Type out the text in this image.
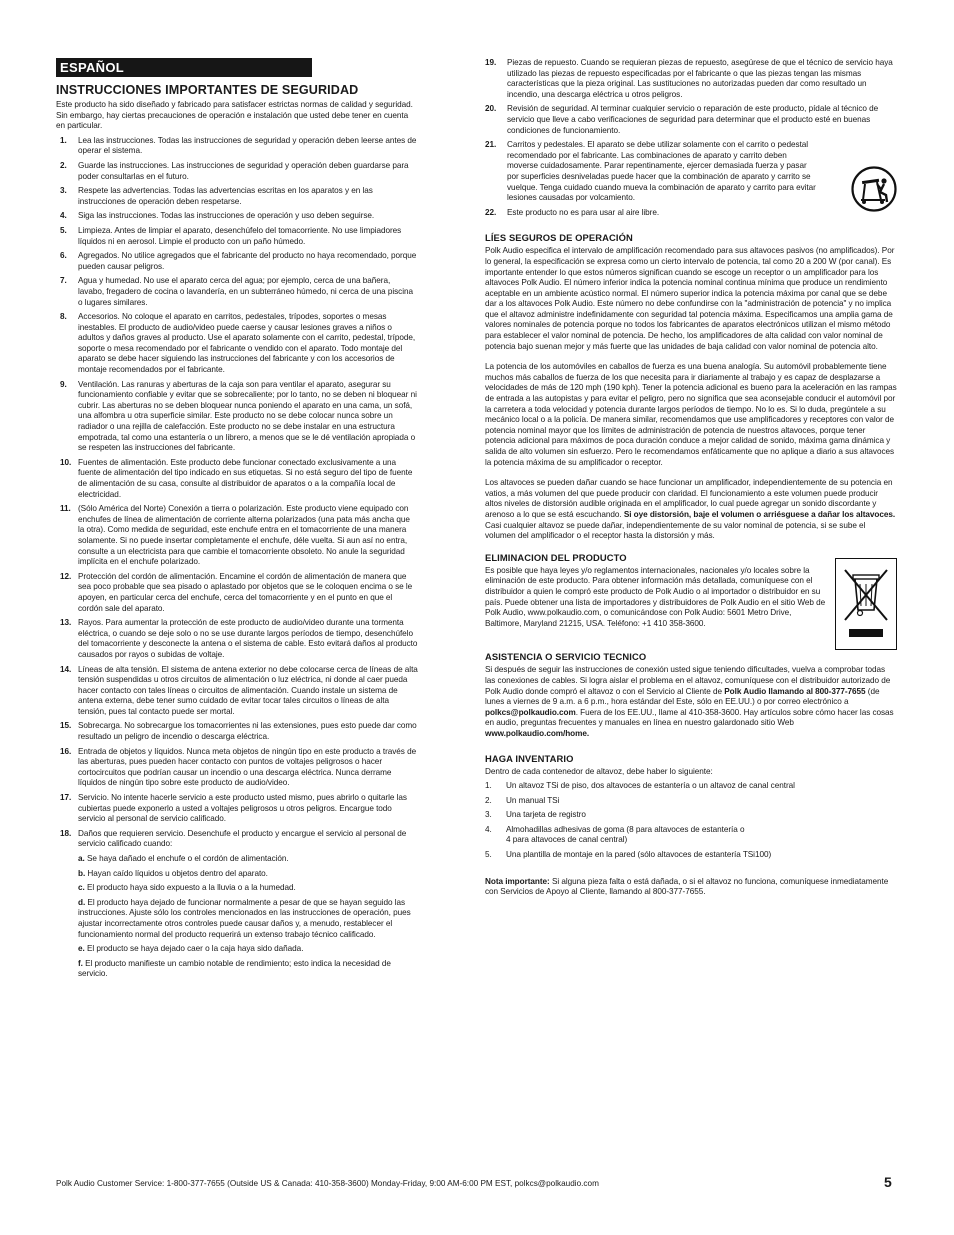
ESPAÑOL
INSTRUCCIONES IMPORTANTES DE SEGURIDAD

Este producto ha sido diseñado y fabricado para satisfacer estrictas normas de calidad y seguridad. Sin embargo, hay ciertas precauciones de operación e instalación que usted debe tener en cuenta en particular.

1. Lea las instrucciones. Todas las instrucciones de seguridad y operación deben leerse antes de operar el sistema.
2. Guarde las instrucciones. Las instrucciones de seguridad y operación deben guardarse para poder consultarlas en el futuro.
3. Respete las advertencias. Todas las advertencias escritas en los aparatos y en las instrucciones de operación deben respetarse.
4. Siga las instrucciones. Todas las instrucciones de operación y uso deben seguirse.
5. Limpieza. Antes de limpiar el aparato, desenchúfelo del tomacorriente. No use limpiadores líquidos ni en aerosol. Limpie el producto con un paño húmedo.
6. Agregados. No utilice agregados que el fabricante del producto no haya recomendado, porque pueden causar peligros.
7. Agua y humedad. No use el aparato cerca del agua; por ejemplo, cerca de una bañera, lavabo, fregadero de cocina o lavandería, en un subterráneo húmedo, ni cerca de una piscina o lugares similares.
8. Accesorios. No coloque el aparato en carritos, pedestales, trípodes, soportes o mesas inestables. El producto de audio/video puede caerse y causar lesiones graves a niños o adultos y daños graves al producto. Use el aparato solamente con el carrito, pedestal, trípode, soporte o mesa recomendado por el fabricante o vendido con el aparato. Todo montaje del aparato se debe hacer siguiendo las instrucciones del fabricante y con los accesorios de montaje recomendados por el fabricante.
9. Ventilación. Las ranuras y aberturas de la caja son para ventilar el aparato, asegurar su funcionamiento confiable y evitar que se sobrecaliente; por lo tanto, no se deben ni bloquear ni cubrir. Las aberturas no se deben bloquear nunca poniendo el aparato en una cama, un sofá, una alfombra u otra superficie similar. Este producto no se debe colocar nunca sobre un radiador o una rejilla de calefacción. Este producto no se debe instalar en una estructura empotrada, tal como una estantería o un librero, a menos que se le dé ventilación apropiada o se respeten las instrucciones del fabricante.
10. Fuentes de alimentación. Este producto debe funcionar conectado exclusivamente a una fuente de alimentación del tipo indicado en sus etiquetas. Si no está seguro del tipo de fuente de alimentación de su casa, consulte al distribuidor de aparatos o a la compañía local de electricidad.
11. (Sólo América del Norte) Conexión a tierra o polarización. Este producto viene equipado con enchufes de línea de alimentación de corriente alterna polarizados (una pata más ancha que la otra). Como medida de seguridad, este enchufe entra en el tomacorriente de una manera solamente. Si no puede insertar completamente el enchufe, déle vuelta. Si aun así no entra, consulte a un electricista para que cambie el tomacorriente obsoleto. No anule la seguridad implícita en el enchufe polarizado.
12. Protección del cordón de alimentación. Encamine el cordón de alimentación de manera que sea poco probable que sea pisado o aplastado por objetos que se le coloquen encima o se le apoyen, en particular cerca del enchufe, cerca del tomacorriente y en el punto en que el cordón sale del aparato.
13. Rayos. Para aumentar la protección de este producto de audio/video durante una tormenta eléctrica, o cuando se deje solo o no se use durante largos períodos de tiempo, desenchúfelo del tomacorriente y desconecte la antena o el sistema de cable. Esto evitará daños al producto causados por rayos o subidas de voltaje.
14. Líneas de alta tensión. El sistema de antena exterior no debe colocarse cerca de líneas de alta tensión suspendidas u otros circuitos de alimentación o luz eléctrica, ni donde al caer pueda hacer contacto con tales líneas o circuitos de alimentación. Cuando instale un sistema de antena externa, debe tener sumo cuidado de evitar tocar tales circuitos o líneas de alta tensión, pues tal contacto puede ser mortal.
15. Sobrecarga. No sobrecargue los tomacorrientes ni las extensiones, pues esto puede dar como resultado un peligro de incendio o descarga eléctrica.
16. Entrada de objetos y líquidos. Nunca meta objetos de ningún tipo en este producto a través de las aberturas, pues pueden hacer contacto con puntos de voltajes peligrosos o hacer cortocircuitos que podrían causar un incendio o una descarga eléctrica. Nunca derrame líquidos de ningún tipo sobre este producto de audio/video.
17. Servicio. No intente hacerle servicio a este producto usted mismo, pues abrirlo o quitarle las cubiertas puede exponerlo a usted a voltajes peligrosos u otros peligros. Encargue todo servicio al personal de servicio calificado.
18. Daños que requieren servicio. Desenchufe el producto y encargue el servicio al personal de servicio calificado cuando:
a. Se haya dañado el enchufe o el cordón de alimentación.
b. Hayan caído líquidos u objetos dentro del aparato.
c. El producto haya sido expuesto a la lluvia o a la humedad.
d. El producto haya dejado de funcionar normalmente a pesar de que se hayan seguido las instrucciones. Ajuste sólo los controles mencionados en las instrucciones de operación, pues ajustar incorrectamente otros controles puede causar daños y, a menudo, restablecer el funcionamiento normal del producto requerirá un extenso trabajo técnico calificado.
e. El producto se haya dejado caer o la caja haya sido dañada.
f. El producto manifieste un cambio notable de rendimiento; esto indica la necesidad de servicio.
19. Piezas de repuesto. Cuando se requieran piezas de repuesto, asegúrese de que el técnico de servicio haya utilizado las piezas de repuesto especificadas por el fabricante o que las piezas tengan las mismas características que la pieza original. Las sustituciones no autorizadas pueden dar como resultado un incendio, una descarga eléctrica u otros peligros.
20. Revisión de seguridad. Al terminar cualquier servicio o reparación de este producto, pídale al técnico de servicio que lleve a cabo verificaciones de seguridad para determinar que el producto esté en buenas condiciones de funcionamiento.
21. Carritos y pedestales. El aparato se debe utilizar solamente con el carrito o pedestal recomendado por el fabricante. Las combinaciones de aparato y carrito deben moverse cuidadosamente. Parar repentinamente, ejercer demasiada fuerza y pasar por superficies desniveladas puede hacer que la combinación de aparato y carrito se vuelque. Tenga cuidado cuando mueva la combinación de aparato y carrito para evitar lesiones causadas por volcamiento.
22. Este producto no es para usar al aire libre.
LÍES SEGUROS DE OPERACIÓN

Polk Audio especifica el intervalo de amplificación recomendado para sus altavoces pasivos (no amplificados). Por lo general, la especificación se expresa como un cierto intervalo de potencia, tal como 20 a 200 W (por canal). Es importante entender lo que estos números significan cuando se escoge un receptor o un amplificador para los altavoces Polk Audio. El número inferior indica la potencia nominal continua mínima que produce un rendimiento aceptable en un ambiente acústico normal. El número superior indica la potencia máxima por canal que se debe dar a los altavoces Polk Audio. Este número no debe confundirse con la "administración de potencia" y no implica que el altavoz administre indefinidamente con seguridad tal potencia máxima. Especificamos una amplia gama de valores nominales de potencia porque no todos los fabricantes de aparatos electrónicos utilizan el mismo método para establecer el valor nominal de potencia. De hecho, los amplificadores de alta calidad con valor nominal de potencia bajo suenan mejor y más fuerte que las unidades de baja calidad con valor nominal de potencia alto.

La potencia de los automóviles en caballos de fuerza es una buena analogía. Su automóvil probablemente tiene muchos más caballos de fuerza de los que necesita para ir diariamente al trabajo y es capaz de desplazarse a velocidades de más de 120 mph (190 kph). Tener la potencia adicional es bueno para la aceleración en las rampas de entrada a las autopistas y para evitar el peligro, pero no significa que sea aconsejable conducir el automóvil por la carretera a toda velocidad y potencia durante largos períodos de tiempo. No lo es. Si lo duda, pregúntele a su mecánico local o a la policía. De manera similar, recomendamos que use amplificadores y receptores con valor de potencia nominal mayor que los límites de administración de potencia de nuestros altavoces, porque tener potencia adicional para máximos de poca duración conduce a mejor calidad de sonido, máxima gama dinámica y salida de alto volumen sin esfuerzo. Pero le recomendamos enfáticamente que no aplique a diario a sus altavoces la potencia máxima de su amplificador o receptor.

Los altavoces se pueden dañar cuando se hace funcionar un amplificador, independientemente de su potencia en vatios, a más volumen del que puede producir con claridad. El funcionamiento a este volumen puede producir altos niveles de distorsión audible originada en el amplificador, lo cual puede agregar un sonido discordante y arenoso a lo que se está escuchando. Si oye distorsión, baje el volumen o arriésguese a dañar los altavoces. Casi cualquier altavoz se puede dañar, independientemente de su valor nominal de potencia, si se sube el volumen del amplificador o el receptor hasta la distorsión y más.

ELIMINACION DEL PRODUCTO

Es posible que haya leyes y/o reglamentos internacionales, nacionales y/o locales sobre la eliminación de este producto. Para obtener información más detallada, comuníquese con el distribuidor a quien le compró este producto de Polk Audio o al importador o distribuidor en su país. Puede obtener una lista de importadores y distribuidores de Polk Audio en el sitio Web de Polk Audio, www.polkaudio.com, o comunicándose con Polk Audio: 5601 Metro Drive, Baltimore, Maryland 21215, USA. Teléfono: +1 410 358-3600.

ASISTENCIA O SERVICIO TECNICO

Si después de seguir las instrucciones de conexión usted sigue teniendo dificultades, vuelva a comprobar todas las conexiones de cables. Si logra aislar el problema en el altavoz, comuníquese con el distribuidor autorizado de Polk Audio donde compró el altavoz o con el Servicio al Cliente de Polk Audio llamando al 800-377-7655 (de lunes a viernes de 9 a.m. a 6 p.m., hora estándar del Este, sólo en EE.UU.) o por correo electrónico a polkcs@polkaudio.com. Fuera de los EE.UU., llame al 410-358-3600. Hay artículos sobre cómo hacer las cosas en audio, preguntas frecuentes y manuales en línea en nuestro galardonado sitio Web www.polkaudio.com/home.

HAGA INVENTARIO

Dentro de cada contenedor de altavoz, debe haber lo siguiente:

1. Un altavoz TSi de piso, dos altavoces de estantería o un altavoz de canal central
2. Un manual TSi
3. Una tarjeta de registro
4. Almohadillas adhesivas de goma (8 para altavoces de estantería o 4 para altavoces de canal central)
5. Una plantilla de montaje en la pared (sólo altavoces de estantería TSi100)

Nota importante: Si alguna pieza falta o está dañada, o si el altavoz no funciona, comuníquese inmediatamente con Servicios de Apoyo al Cliente, llamando al 800-377-7655.

Polk Audio Customer Service: 1-800-377-7655 (Outside US & Canada: 410-358-3600) Monday-Friday, 9:00 AM-6:00 PM EST, polkcs@polkaudio.com	5
